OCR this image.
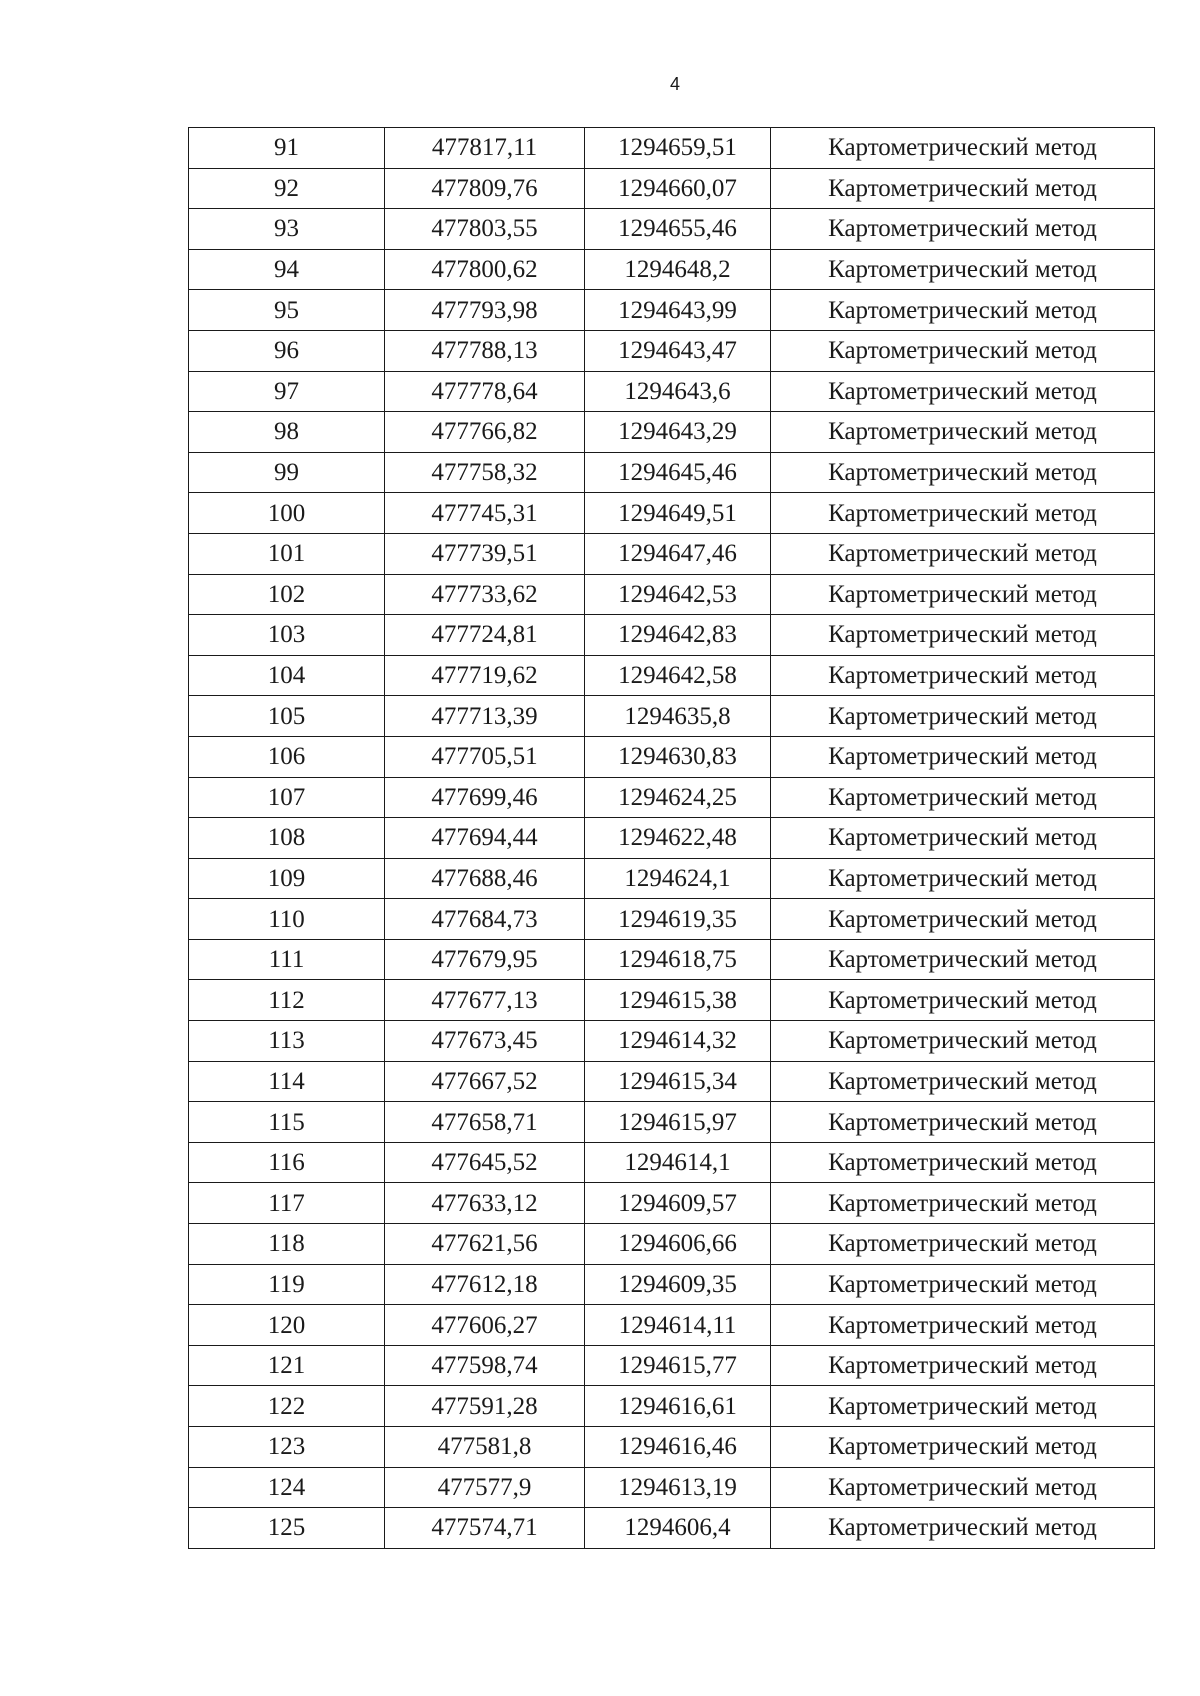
4
91	477817,11	1294659,51	Картометрический метод
92	477809,76	1294660,07	Картометрический метод
93	477803,55	1294655,46	Картометрический метод
94	477800,62	1294648,2	Картометрический метод
95	477793,98	1294643,99	Картометрический метод
96	477788,13	1294643,47	Картометрический метод
97	477778,64	1294643,6	Картометрический метод
98	477766,82	1294643,29	Картометрический метод
99	477758,32	1294645,46	Картометрический метод
100	477745,31	1294649,51	Картометрический метод
101	477739,51	1294647,46	Картометрический метод
102	477733,62	1294642,53	Картометрический метод
103	477724,81	1294642,83	Картометрический метод
104	477719,62	1294642,58	Картометрический метод
105	477713,39	1294635,8	Картометрический метод
106	477705,51	1294630,83	Картометрический метод
107	477699,46	1294624,25	Картометрический метод
108	477694,44	1294622,48	Картометрический метод
109	477688,46	1294624,1	Картометрический метод
110	477684,73	1294619,35	Картометрический метод
111	477679,95	1294618,75	Картометрический метод
112	477677,13	1294615,38	Картометрический метод
113	477673,45	1294614,32	Картометрический метод
114	477667,52	1294615,34	Картометрический метод
115	477658,71	1294615,97	Картометрический метод
116	477645,52	1294614,1	Картометрический метод
117	477633,12	1294609,57	Картометрический метод
118	477621,56	1294606,66	Картометрический метод
119	477612,18	1294609,35	Картометрический метод
120	477606,27	1294614,11	Картометрический метод
121	477598,74	1294615,77	Картометрический метод
122	477591,28	1294616,61	Картометрический метод
123	477581,8	1294616,46	Картометрический метод
124	477577,9	1294613,19	Картометрический метод
125	477574,71	1294606,4	Картометрический метод
